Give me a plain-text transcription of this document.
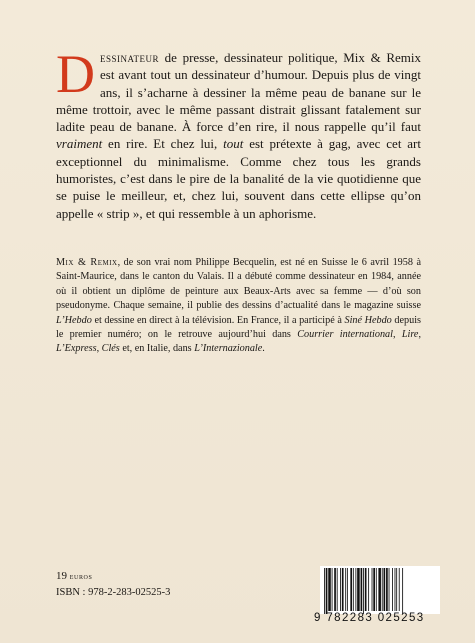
Dessinateur de presse, dessinateur politique, Mix & Remix est avant tout un dessinateur d’humour. Depuis plus de vingt ans, il s’acharne à dessiner la même peau de banane sur le même trottoir, avec le même passant distrait glissant fatalement sur ladite peau de banane. À force d’en rire, il nous rappelle qu’il faut vraiment en rire. Et chez lui, tout est prétexte à gag, avec cet art exceptionnel du minimalisme. Comme chez tous les grands humoristes, c’est dans le pire de la banalité de la vie quotidienne que se puise le meilleur, et, chez lui, souvent dans cette ellipse qu’on appelle « strip », et qui ressemble à un aphorisme.

Mix & Remix, de son vrai nom Philippe Becquelin, est né en Suisse le 6 avril 1958 à Saint-Maurice, dans le canton du Valais. Il a débuté comme dessinateur en 1984, année où il obtient un diplôme de peinture aux Beaux-Arts avec sa femme — d’où son pseudonyme. Chaque semaine, il publie des dessins d’actualité dans le magazine suisse L’Hebdo et dessine en direct à la télévision. En France, il a participé à Siné Hebdo depuis le premier numéro; on le retrouve aujourd’hui dans Courrier international, Lire, L’Express, Clés et, en Italie, dans L’Internazionale.

19 euros
ISBN : 978-2-283-02525-3
9 782283 025253
